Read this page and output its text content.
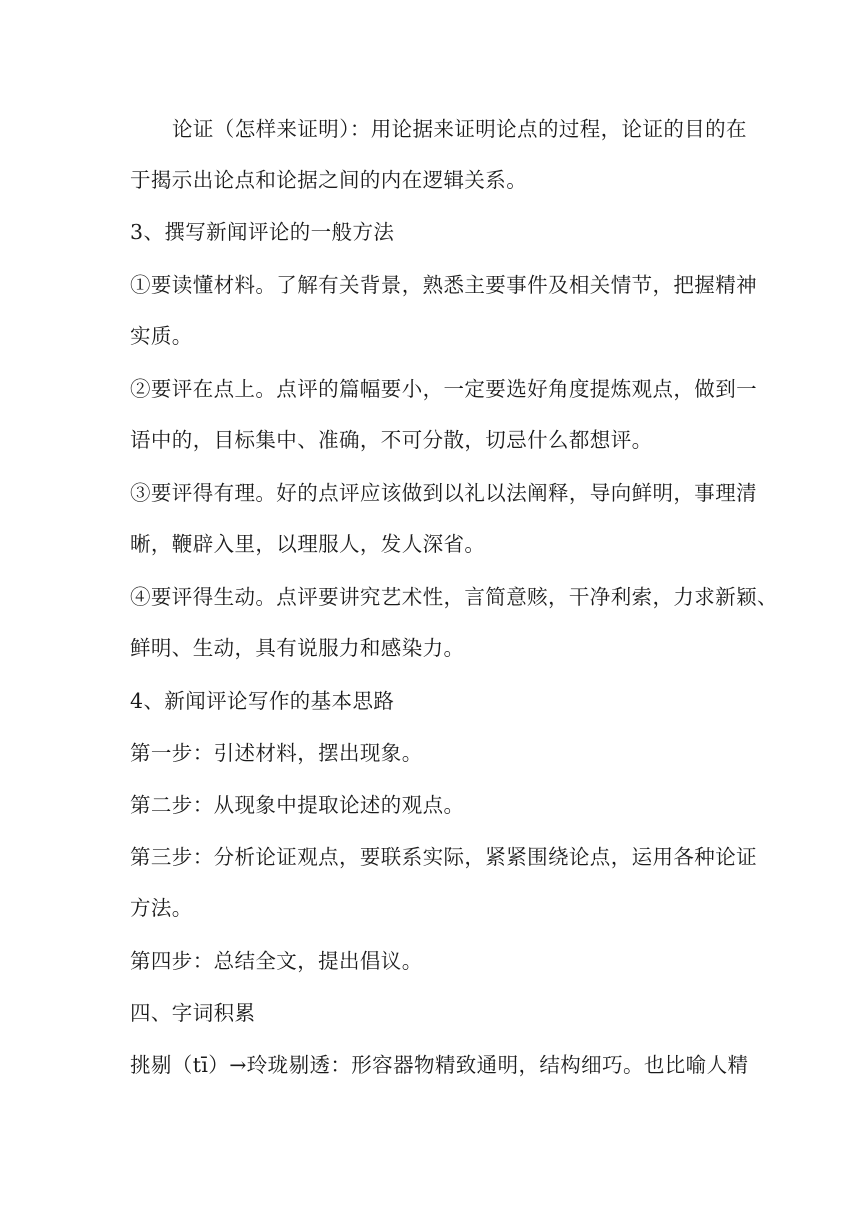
论证（怎样来证明）：用论据来证明论点的过程，论证的目的在
于揭示出论点和论据之间的内在逻辑关系。
3、撰写新闻评论的一般方法
①要读懂材料。了解有关背景，熟悉主要事件及相关情节，把握精神
实质。
②要评在点上。点评的篇幅要小，一定要选好角度提炼观点，做到一
语中的，目标集中、准确，不可分散，切忌什么都想评。
③要评得有理。好的点评应该做到以礼以法阐释，导向鲜明，事理清
晰，鞭辟入里，以理服人，发人深省。
④要评得生动。点评要讲究艺术性，言简意赅，干净利索，力求新颖、
鲜明、生动，具有说服力和感染力。
4、新闻评论写作的基本思路
第一步：引述材料，摆出现象。
第二步：从现象中提取论述的观点。
第三步：分析论证观点，要联系实际，紧紧围绕论点，运用各种论证
方法。
第四步：总结全文，提出倡议。
四、字词积累
挑剔（tī）→玲珑剔透：形容器物精致通明，结构细巧。也比喻人精
